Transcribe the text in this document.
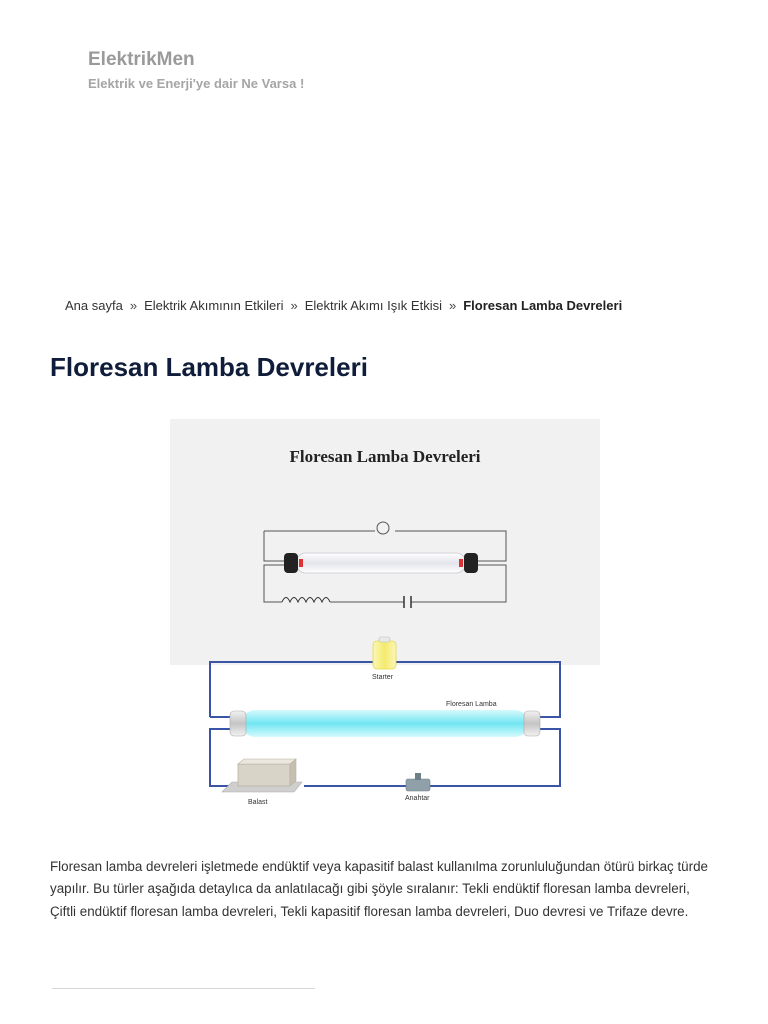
ElektrikMen
Elektrik ve Enerji'ye dair Ne Varsa !
Ana sayfa » Elektrik Akımının Etkileri » Elektrik Akımı Işık Etkisi » Floresan Lamba Devreleri
Floresan Lamba Devreleri
Floresan Lamba Devreleri
Starter
Floresan Lamba
Balast
Anahtar

Floresan lamba devreleri işletmede endüktif veya kapasitif balast kullanılma zorunluluğundan ötürü birkaç türde yapılır. Bu türler aşağıda detaylıca da anlatılacağı gibi şöyle sıralanır: Tekli endüktif floresan lamba devreleri, Çiftli endüktif floresan lamba devreleri, Tekli kapasitif floresan lamba devreleri, Duo devresi ve Trifaze devre.
